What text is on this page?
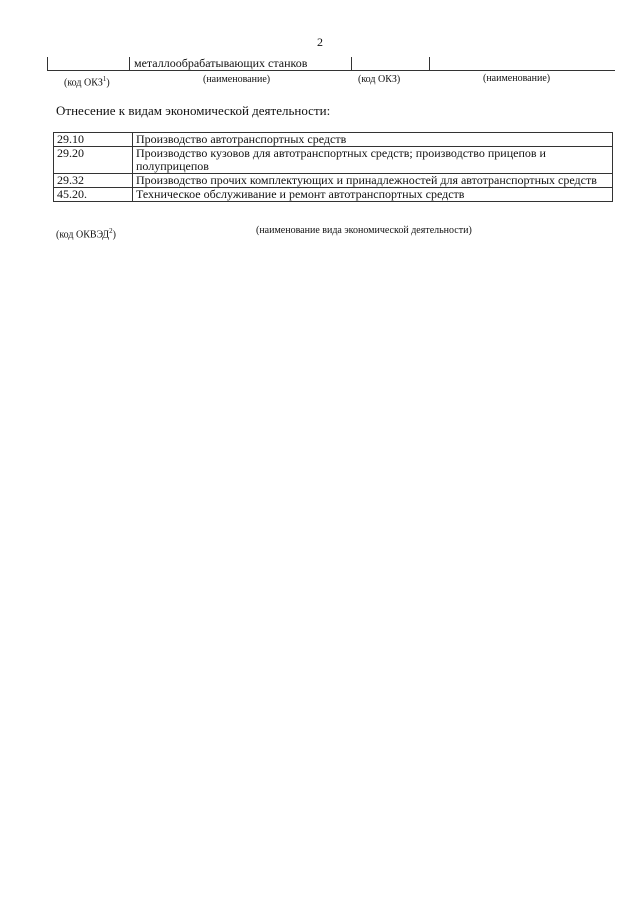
2
	металлообрабатывающих станков		
(код ОКЗ$^1$)	(наименование)	(код ОКЗ)	(наименование)
Отнесение к видам экономической деятельности:
29.10	Производство автотранспортных средств
29.20	Производство кузовов для автотранспортных средств; производство прицепов и полуприцепов
29.32	Производство прочих комплектующих и принадлежностей для автотранспортных средств
45.20.	Техническое обслуживание и ремонт автотранспортных средств
(код ОКВЭД$^2$)	(наименование вида экономической деятельности)
